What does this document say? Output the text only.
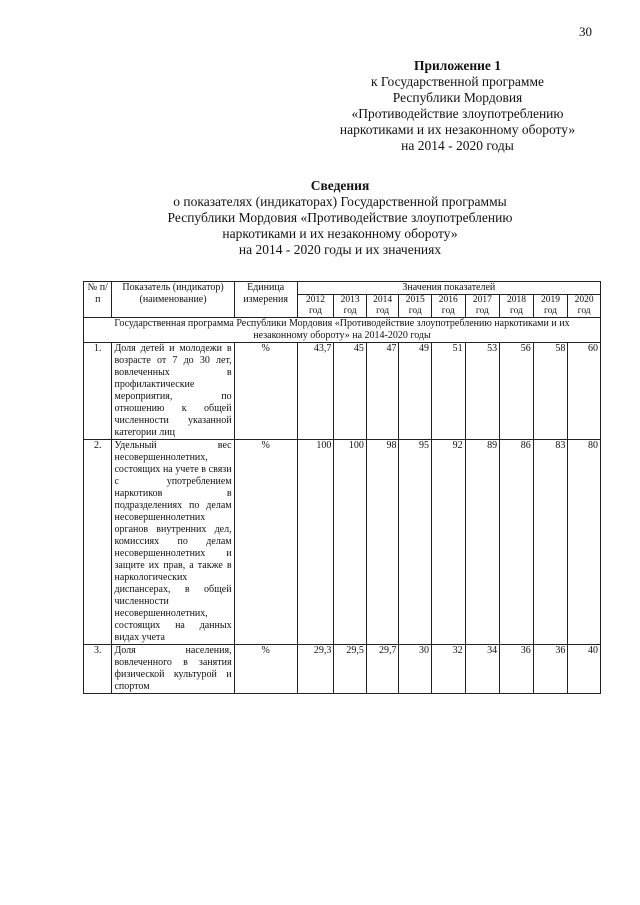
30
Приложение 1
к Государственной программе
Республики Мордовия
«Противодействие злоупотреблению
наркотиками и их незаконному обороту»
на 2014 - 2020 годы
Сведения
о показателях (индикаторах) Государственной программы
Республики Мордовия «Противодействие злоупотреблению
наркотиками и их незаконному обороту»
на 2014 - 2020 годы и их значениях
№ п/п	Показатель (индикатор) (наименование)	Единица измерения	Значения показателей								
			2012 год	2013 год	2014 год	2015 год	2016 год	2017 год	2018 год	2019 год	2020 год
Государственная программа Республики Мордовия «Противодействие злоупотреблению наркотиками и их незаконному обороту» на 2014-2020 годы											
1.	Доля детей и молодежи в возрасте от 7 до 30 лет, вовлеченных в профилактические мероприятия, по отношению к общей численности указанной категории лиц	%	43,7	45	47	49	51	53	56	58	60
2.	Удельный вес несовершеннолетних, состоящих на учете в связи с употреблением наркотиков в подразделениях по делам несовершеннолетних органов внутренних дел, комиссиях по делам несовершеннолетних и защите их прав, а также в наркологических диспансерах, в общей численности несовершеннолетних, состоящих на данных видах учета	%	100	100	98	95	92	89	86	83	80
3.	Доля населения, вовлеченного в занятия физической культурой и спортом	%	29,3	29,5	29,7	30	32	34	36	36	40
